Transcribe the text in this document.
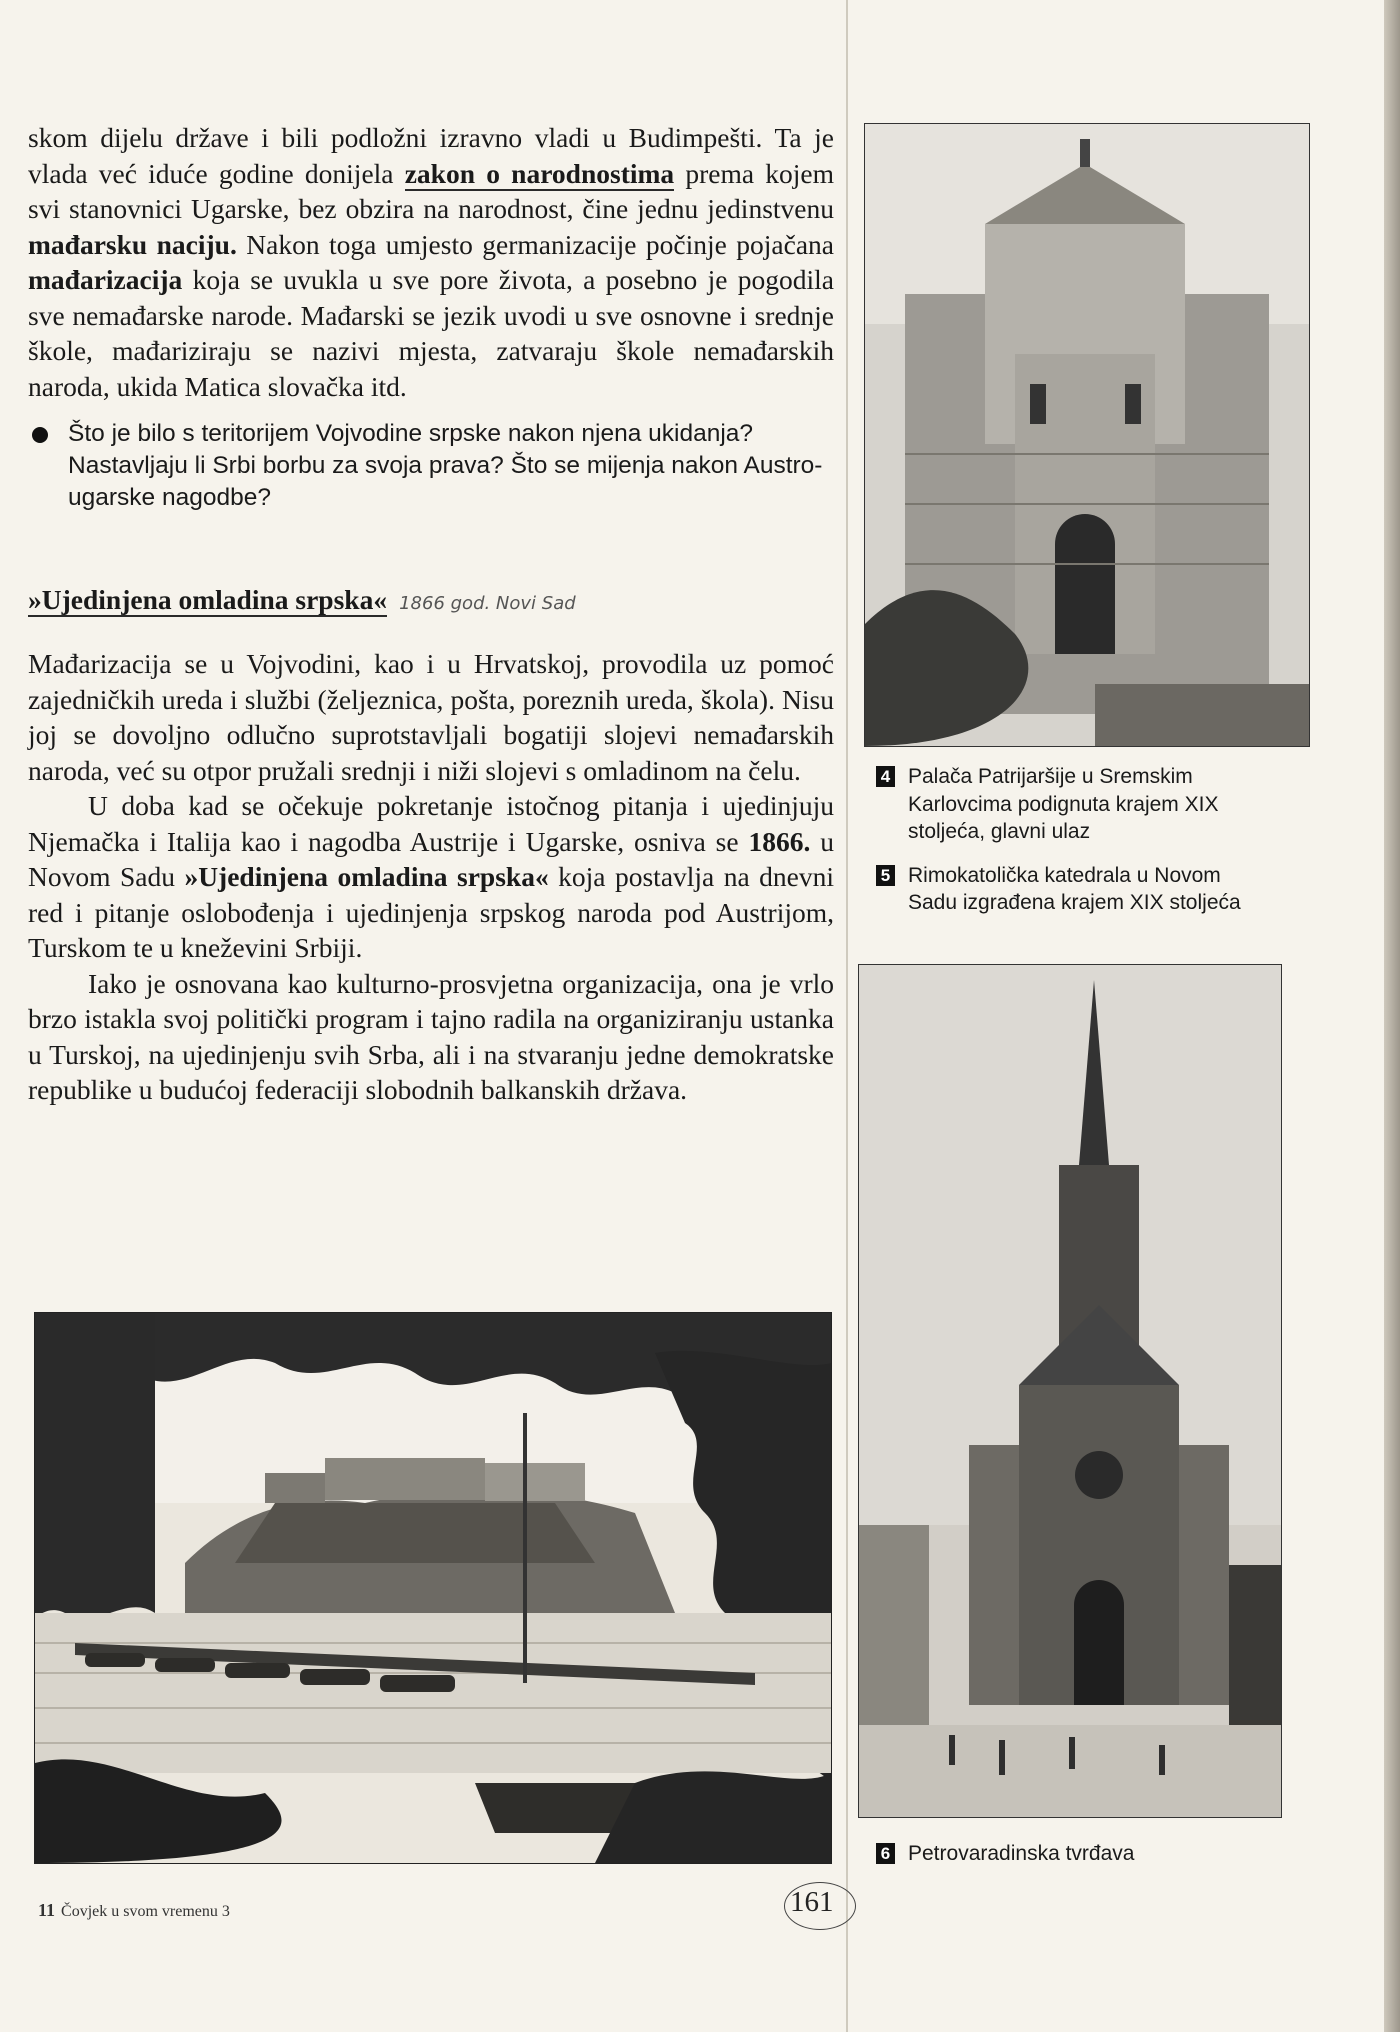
skom dijelu države i bili podložni izravno vladi u Budimpešti. Ta je vlada već iduće godine donijela zakon o narodnostima prema kojem svi stanovnici Ugarske, bez obzira na narodnost, čine jednu jedinstvenu mađarsku naciju. Nakon toga umjesto germanizacije počinje pojačana mađarizacija koja se uvukla u sve pore života, a posebno je pogodila sve nemađarske narode. Mađarski se jezik uvodi u sve osnovne i srednje škole, mađariziraju se nazivi mjesta, zatvaraju škole nemađarskih naroda, ukida Matica slovačka itd.

Što je bilo s teritorijem Vojvodine srpske nakon njena ukidanja? Nastavljaju li Srbi borbu za svoja prava? Što se mijenja nakon Austro-ugarske nagodbe?
»Ujedinjena omladina srpska« 1866 god. Novi Sad

Mađarizacija se u Vojvodini, kao i u Hrvatskoj, provodila uz pomoć zajedničkih ureda i službi (željeznica, pošta, poreznih ureda, škola). Nisu joj se dovoljno odlučno suprotstavljali bogatiji slojevi nemađarskih naroda, već su otpor pružali srednji i niži slojevi s omladinom na čelu.

U doba kad se očekuje pokretanje istočnog pitanja i ujedinjuju Njemačka i Italija kao i nagodba Austrije i Ugarske, osniva se 1866. u Novom Sadu »Ujedinjena omladina srpska« koja postavlja na dnevni red i pitanje oslobođenja i ujedinjenja srpskog naroda pod Austrijom, Turskom te u kneževini Srbiji.

Iako je osnovana kao kulturno-prosvjetna organizacija, ona je vrlo brzo istakla svoj politički program i tajno radila na organiziranju ustanka u Turskoj, na ujedinjenju svih Srba, ali i na stvaranju jedne demokratske republike u budućoj federaciji slobodnih balkanskih država.

4 Palača Patrijaršije u Sremskim Karlovcima podignuta krajem XIX stoljeća, glavni ulaz
5 Rimokatolička katedrala u Novom Sadu izgrađena krajem XIX stoljeća
6 Petrovaradinska tvrđava
11 Čovjek u svom vremenu 3	161
